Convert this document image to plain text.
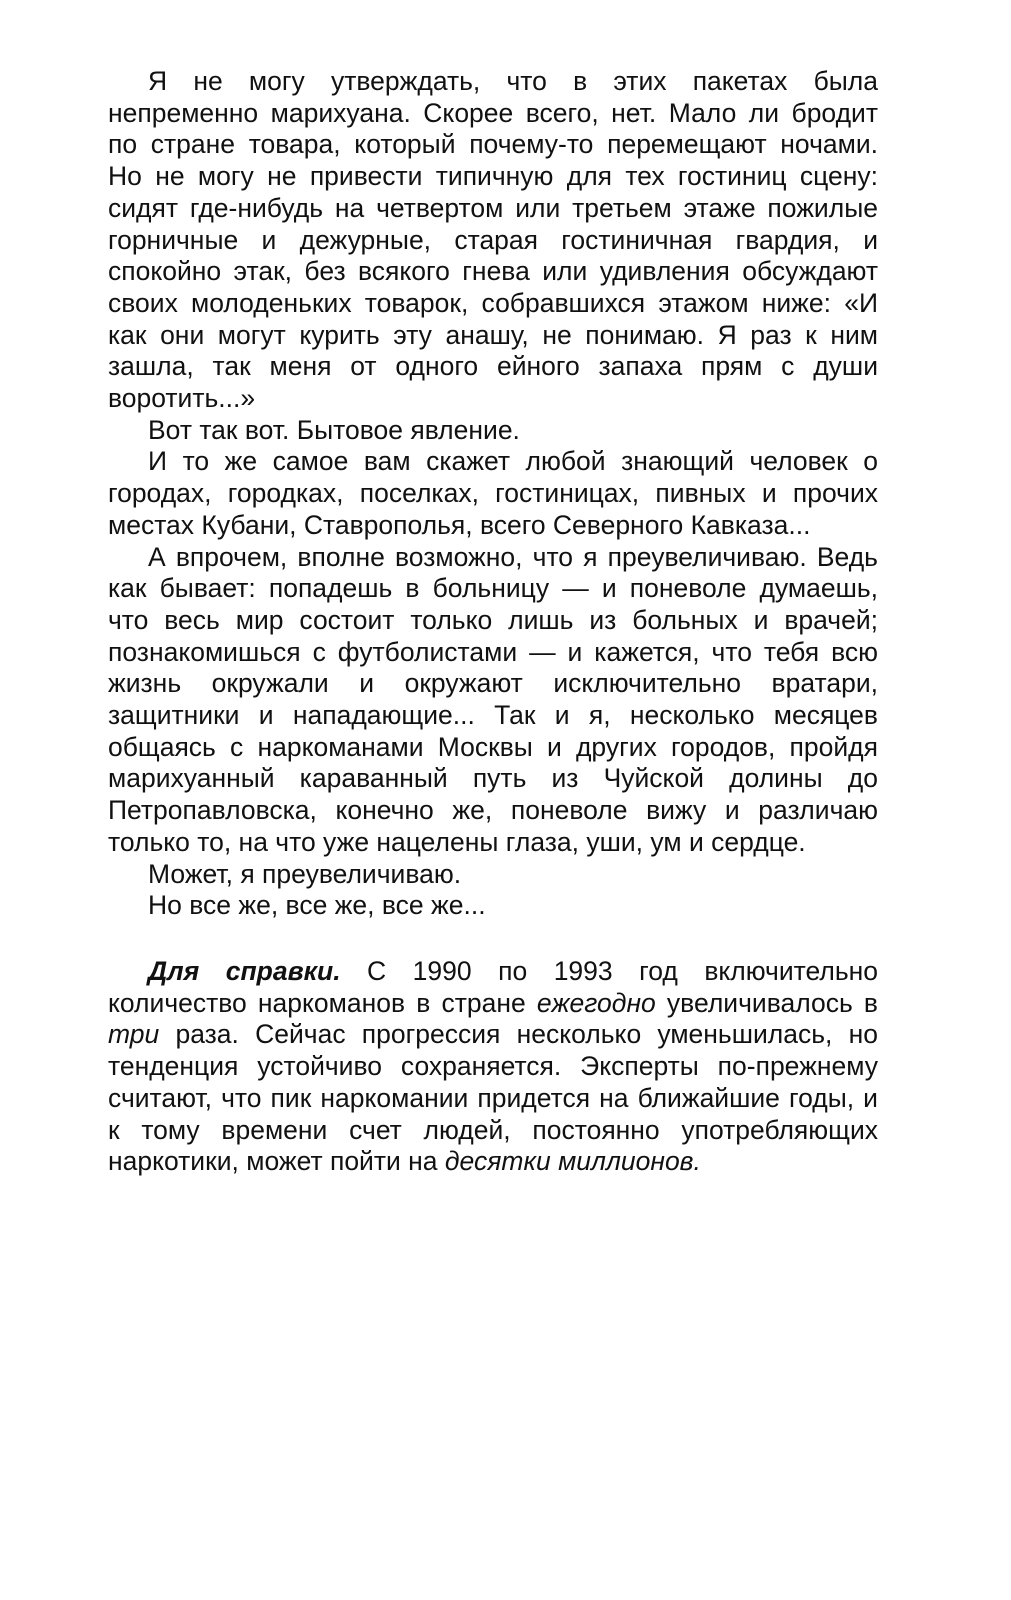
Я не могу утверждать, что в этих пакетах была непременно марихуана. Скорее всего, нет. Мало ли бродит по стране товара, который почему-то перемещают ночами. Но не могу не привести типичную для тех гостиниц сцену: сидят где-нибудь на четвертом или третьем этаже пожилые горничные и дежурные, старая гостиничная гвардия, и спокойно этак, без всякого гнева или удивления обсуждают своих молоденьких товарок, собравшихся этажом ниже: «И как они могут курить эту анашу, не понимаю. Я раз к ним зашла, так меня от одного ейного запаха прям с души воротить...»

Вот так вот. Бытовое явление.

И то же самое вам скажет любой знающий человек о городах, городках, поселках, гостиницах, пивных и прочих местах Кубани, Ставрополья, всего Северного Кавказа...

А впрочем, вполне возможно, что я преувеличиваю. Ведь как бывает: попадешь в больницу — и поневоле думаешь, что весь мир состоит только лишь из больных и врачей; познакомишься с футболистами — и кажется, что тебя всю жизнь окружали и окружают исключительно вратари, защитники и нападающие... Так и я, несколько месяцев общаясь с наркоманами Москвы и других городов, пройдя марихуанный караванный путь из Чуйской долины до Петропавловска, конечно же, поневоле вижу и различаю только то, на что уже нацелены глаза, уши, ум и сердце.

Может, я преувеличиваю.

Но все же, все же, все же...

Для справки. С 1990 по 1993 год включительно количество наркоманов в стране ежегодно увеличивалось в три раза. Сейчас прогрессия несколько уменьшилась, но тенденция устойчиво сохраняется. Эксперты по-прежнему считают, что пик наркомании придется на ближайшие годы, и к тому времени счет людей, постоянно употребляющих наркотики, может пойти на десятки миллионов.
